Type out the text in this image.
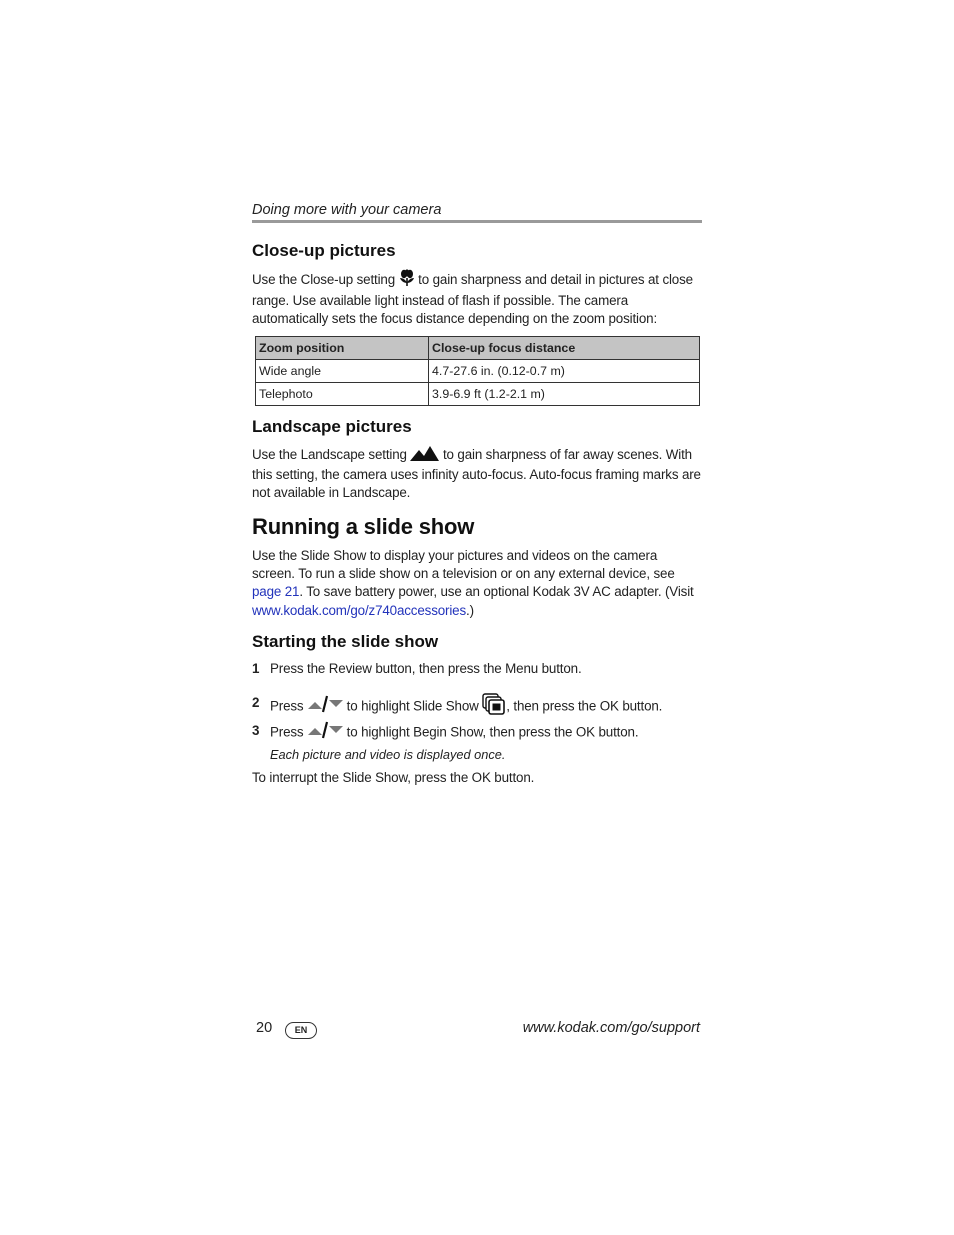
Doing more with your camera
Close-up pictures

Use the Close-up setting  to gain sharpness and detail in pictures at close range. Use available light instead of flash if possible. The camera automatically sets the focus distance depending on the zoom position:

Zoom position	Close-up focus distance
Wide angle	4.7-27.6 in. (0.12-0.7 m)
Telephoto	3.9-6.9 ft (1.2-2.1 m)
Landscape pictures

Use the Landscape setting  to gain sharpness of far away scenes. With this setting, the camera uses infinity auto-focus. Auto-focus framing marks are not available in Landscape.

Running a slide show

Use the Slide Show to display your pictures and videos on the camera screen. To run a slide show on a television or on any external device, see page 21. To save battery power, use an optional Kodak 3V AC adapter. (Visit www.kodak.com/go/z740accessories.)

Starting the slide show
1 Press the Review button, then press the Menu button.
2 Press	to highlight Slide Show , then press the OK button.
3 Press	to highlight Begin Show, then press the OK button.
Each picture and video is displayed once.

To interrupt the Slide Show, press the OK button.

20	EN	www.kodak.com/go/support
